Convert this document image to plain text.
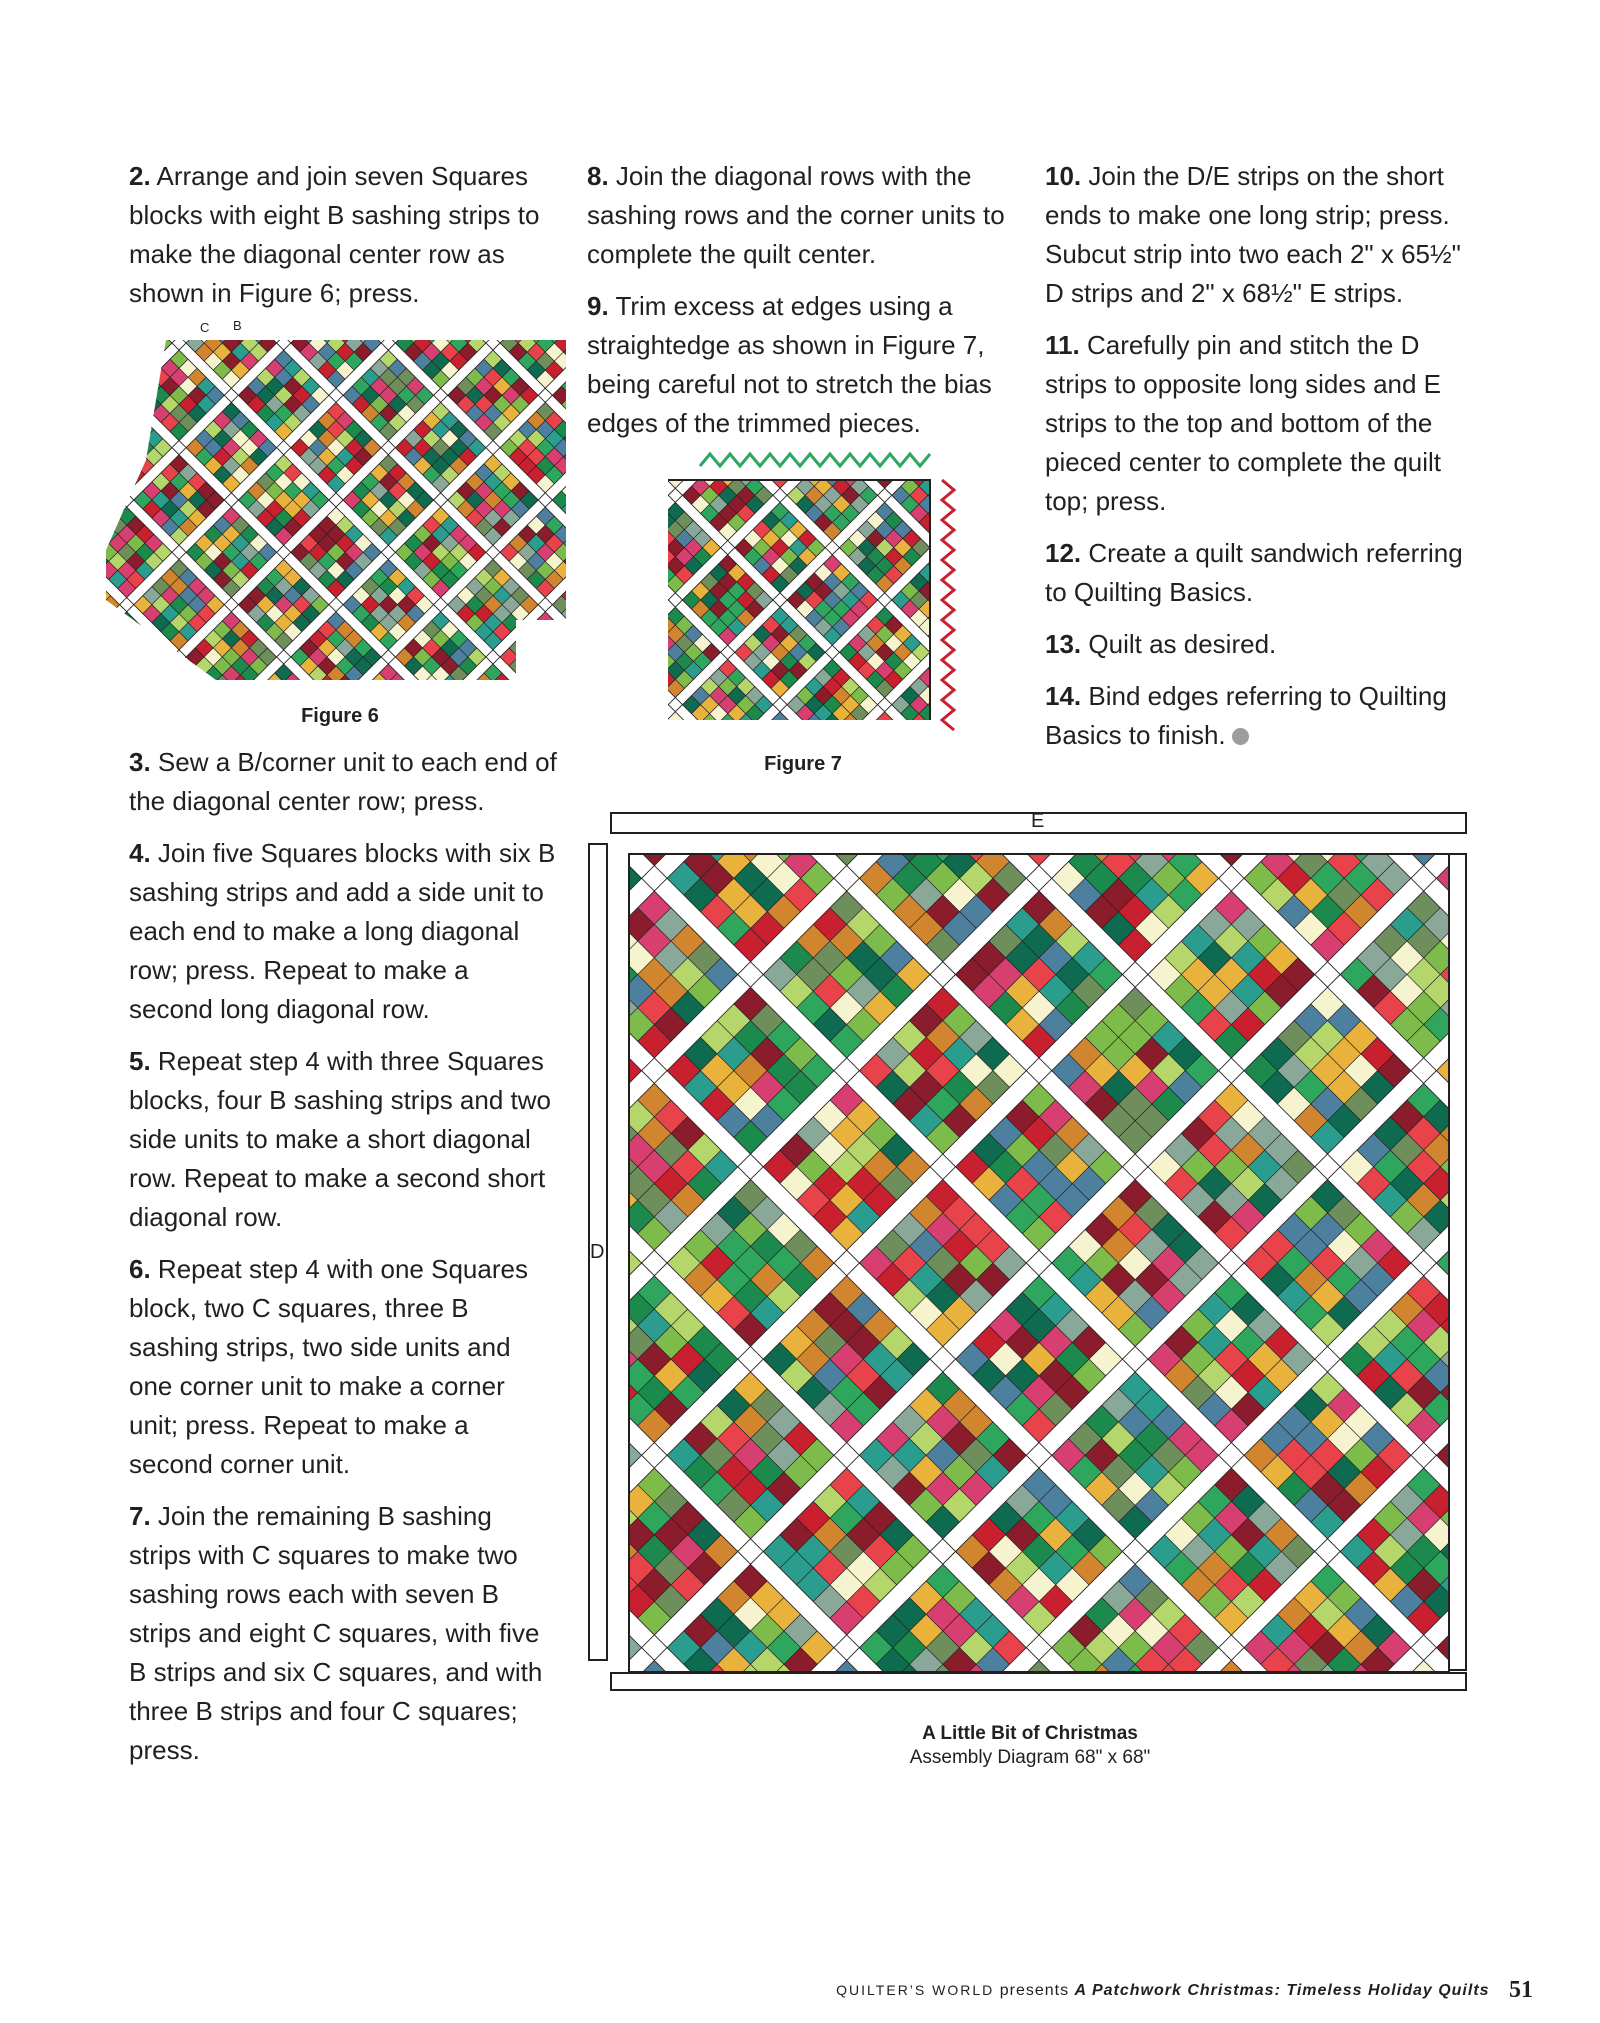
2. Arrange and join seven Squares blocks with eight B sashing strips to make the diagonal center row as shown in Figure 6; press.

3. Sew a B/corner unit to each end of the diagonal center row; press.

4. Join five Squares blocks with six B sashing strips and add a side unit to each end to make a long diagonal row; press. Repeat to make a second long diagonal row.

5. Repeat step 4 with three Squares blocks, four B sashing strips and two side units to make a short diagonal row. Repeat to make a second short diagonal row.

6. Repeat step 4 with one Squares block, two C squares, three B sashing strips, two side units and one corner unit to make a corner unit; press. Repeat to make a second corner unit.

7. Join the remaining B sashing strips with C squares to make two sashing rows each with seven B strips and eight C squares, with five B strips and six C squares, and with three B strips and four C squares; press.

8. Join the diagonal rows with the sashing rows and the corner units to complete the quilt center.

9. Trim excess at edges using a straightedge as shown in Figure 7, being careful not to stretch the bias edges of the trimmed pieces.

10. Join the D/E strips on the short ends to make one long strip; press. Subcut strip into two each 2" x 65½" D strips and 2" x 68½" E strips.

11. Carefully pin and stitch the D strips to opposite long sides and E strips to the top and bottom of the pieced center to complete the quilt top; press.

12. Create a quilt sandwich referring to Quilting Basics.

13. Quilt as desired.

14. Bind edges referring to Quilting Basics to finish.

C B
Figure 6
Figure 7
E
D
A Little Bit of Christmas
Assembly Diagram 68" x 68"
QUILTER’S WORLD presents A Patchwork Christmas: Timeless Holiday Quilts 51
